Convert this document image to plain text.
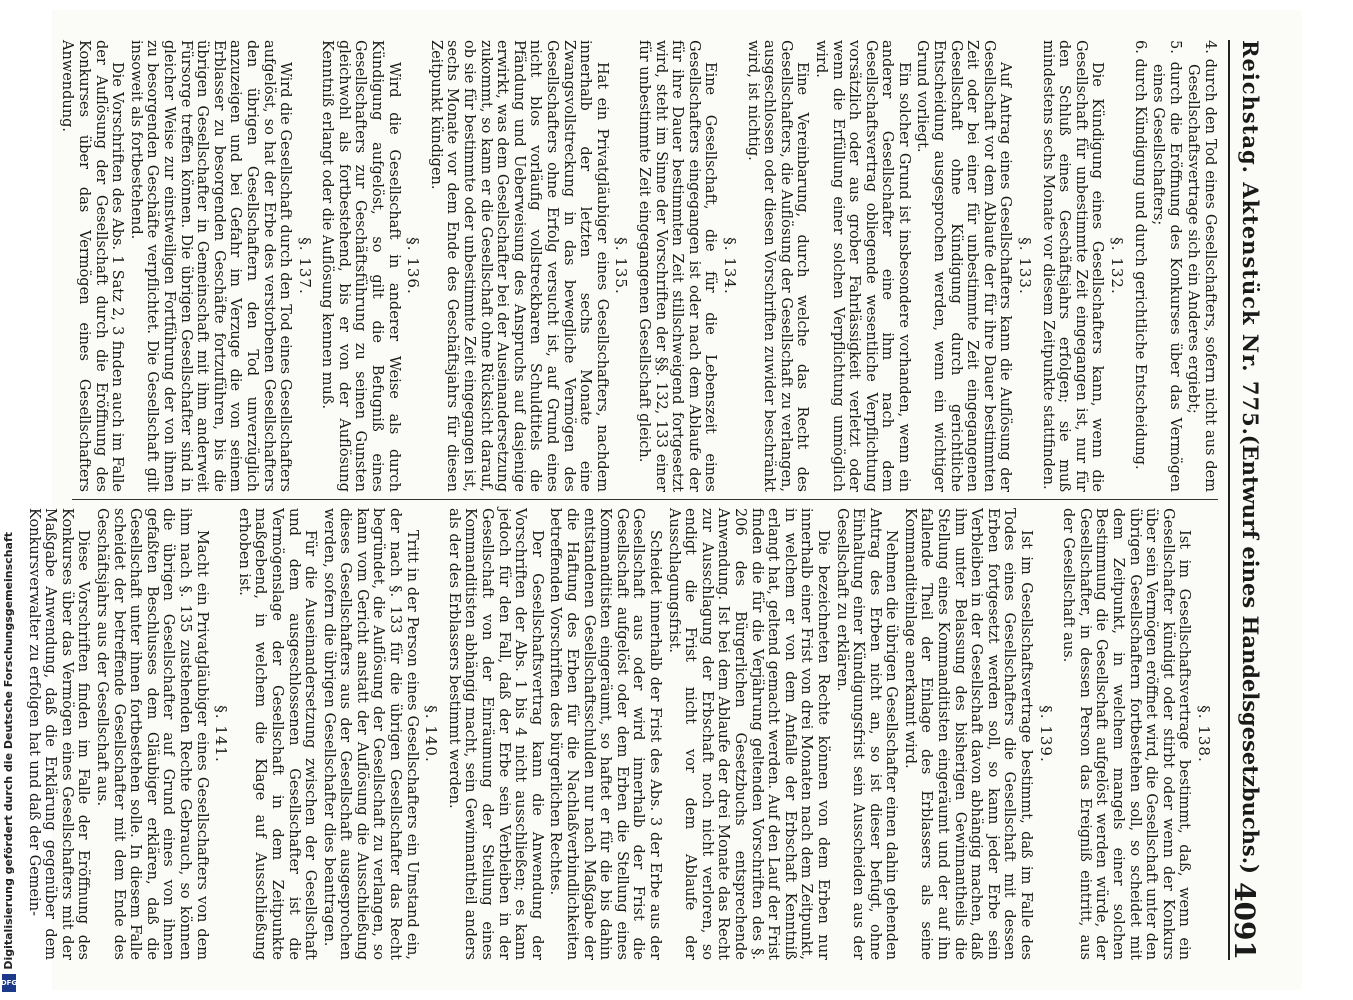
Reichstag. Aktenstück Nr. 775.
(Entwurf eines Handelsgesetzbuchs.)
4091
4. durch den Tod eines Gesellschafters, sofern nicht aus dem Gesellschaftsvertrage sich ein Anderes ergiebt;
5. durch die Eröffnung des Konkurses über das Vermögen eines Gesellschafters;
6. durch Kündigung und durch gerichtliche Entscheidung.
§. 132.

Die Kündigung eines Gesellschafters kann, wenn die Gesellschaft für unbestimmte Zeit eingegangen ist, nur für den Schluß eines Geschäftsjahrs erfolgen; sie muß mindestens sechs Monate vor diesem Zeitpunkte stattfinden.

§. 133.

Auf Antrag eines Gesellschafters kann die Auflösung der Gesellschaft vor dem Ablaufe der für ihre Dauer bestimmten Zeit oder bei einer für unbestimmte Zeit eingegangenen Gesellschaft ohne Kündigung durch gerichtliche Entscheidung ausgesprochen werden, wenn ein wichtiger Grund vorliegt.

Ein solcher Grund ist insbesondere vorhanden, wenn ein anderer Gesellschafter eine ihm nach dem Gesellschaftsvertrag obliegende wesentliche Verpflichtung vorsätzlich oder aus grober Fahrlässigkeit verletzt oder wenn die Erfüllung einer solchen Verpflichtung unmöglich wird.

Eine Vereinbarung, durch welche das Recht des Gesellschafters, die Auflösung der Gesellschaft zu verlangen, ausgeschlossen oder diesen Vorschriften zuwider beschränkt wird, ist nichtig.

§. 134.

Eine Gesellschaft, die für die Lebenszeit eines Gesellschafters eingegangen ist oder nach dem Ablaufe der für ihre Dauer bestimmten Zeit stillschweigend fortgesetzt wird, steht im Sinne der Vorschriften der §§. 132, 133 einer für unbestimmte Zeit eingegangenen Gesellschaft gleich.

§. 135.

Hat ein Privatgläubiger eines Gesellschafters, nachdem innerhalb der letzten sechs Monate eine Zwangsvollstreckung in das bewegliche Vermögen des Gesellschafters ohne Erfolg versucht ist, auf Grund eines nicht blos vorläufig vollstreckbaren Schuldtitels die Pfändung und Ueberweisung des Anspruchs auf dasjenige erwirkt, was dem Gesellschafter bei der Auseinandersetzung zukommt, so kann er die Gesellschaft ohne Rücksicht darauf, ob sie für bestimmte oder unbestimmte Zeit eingegangen ist, sechs Monate vor dem Ende des Geschäftsjahrs für diesen Zeitpunkt kündigen.

§. 136.

Wird die Gesellschaft in anderer Weise als durch Kündigung aufgelöst, so gilt die Befugniß eines Gesellschafters zur Geschäftsführung zu seinen Gunsten gleichwohl als fortbestehend, bis er von der Auflösung Kenntniß erlangt oder die Auflösung kennen muß.

§. 137.

Wird die Gesellschaft durch den Tod eines Gesellschafters aufgelöst, so hat der Erbe des verstorbenen Gesellschafters den übrigen Gesellschaftern den Tod unverzüglich anzuzeigen und bei Gefahr im Verzuge die von seinem Erblasser zu besorgenden Geschäfte fortzuführen, bis die übrigen Gesellschafter in Gemeinschaft mit ihm anderweit Fürsorge treffen können. Die übrigen Gesellschafter sind in gleicher Weise zur einstweiligen Fortführung der von ihnen zu besorgenden Geschäfte verpflichtet. Die Gesellschaft gilt insoweit als fortbestehend.

Die Vorschriften des Abs. 1 Satz 2, 3 finden auch im Falle der Auflösung der Gesellschaft durch die Eröffnung des Konkurses über das Vermögen eines Gesellschafters Anwendung.

§. 138.

Ist im Gesellschaftsvertrage bestimmt, daß, wenn ein Gesellschafter kündigt oder stirbt oder wenn der Konkurs über sein Vermögen eröffnet wird, die Gesellschaft unter den übrigen Gesellschaftern fortbestehen soll, so scheidet mit dem Zeitpunkt, in welchem mangels einer solchen Bestimmung die Gesellschaft aufgelöst werden würde, der Gesellschafter, in dessen Person das Ereigniß eintritt, aus der Gesellschaft aus.

§. 139.

Ist im Gesellschaftsvertrage bestimmt, daß im Falle des Todes eines Gesellschafters die Gesellschaft mit dessen Erben fortgesetzt werden soll, so kann jeder Erbe sein Verbleiben in der Gesellschaft davon abhängig machen, daß ihm unter Belassung des bisherigen Gewinnantheils die Stellung eines Kommanditisten eingeräumt und der auf ihn fallende Theil der Einlage des Erblassers als seine Kommanditeinlage anerkannt wird.

Nehmen die übrigen Gesellschafter einen dahin gehenden Antrag des Erben nicht an, so ist dieser befugt, ohne Einhaltung einer Kündigungsfrist sein Ausscheiden aus der Gesellschaft zu erklären.

Die bezeichneten Rechte können von dem Erben nur innerhalb einer Frist von drei Monaten nach dem Zeitpunkt, in welchem er von dem Anfalle der Erbschaft Kenntniß erlangt hat, geltend gemacht werden. Auf den Lauf der Frist finden die für die Verjährung geltenden Vorschriften des §. 206 des Bürgerlichen Gesetzbuchs entsprechende Anwendung. Ist bei dem Ablaufe der drei Monate das Recht zur Ausschlagung der Erbschaft noch nicht verloren, so endigt die Frist nicht vor dem Ablaufe der Ausschlagungsfrist.

Scheidet innerhalb der Frist des Abs. 3 der Erbe aus der Gesellschaft aus oder wird innerhalb der Frist die Gesellschaft aufgelöst oder dem Erben die Stellung eines Kommanditisten eingeräumt, so haftet er für die bis dahin entstandenen Gesellschaftsschulden nur nach Maßgabe der die Haftung des Erben für die Nachlaßverbindlichkeiten betreffenden Vorschriften des bürgerlichen Rechtes.

Der Gesellschaftsvertrag kann die Anwendung der Vorschriften der Abs. 1 bis 4 nicht ausschließen; es kann jedoch für den Fall, daß der Erbe sein Verbleiben in der Gesellschaft von der Einräumung der Stellung eines Kommanditisten abhängig macht, sein Gewinnantheil anders als der des Erblassers bestimmt werden.

§. 140.

Tritt in der Person eines Gesellschafters ein Umstand ein, der nach §. 133 für die übrigen Gesellschafter das Recht begründet, die Auflösung der Gesellschaft zu verlangen, so kann vom Gericht anstatt der Auflösung die Ausschließung dieses Gesellschafters aus der Gesellschaft ausgesprochen werden, sofern die übrigen Gesellschafter dies beantragen.

Für die Auseinandersetzung zwischen der Gesellschaft und dem ausgeschlossenen Gesellschafter ist die Vermögenslage der Gesellschaft in dem Zeitpunkte maßgebend, in welchem die Klage auf Ausschließung erhoben ist.

§. 141.

Macht ein Privatgläubiger eines Gesellschafters von dem ihm nach §. 135 zustehenden Rechte Gebrauch, so können die übrigen Gesellschafter auf Grund eines von ihnen gefaßten Beschlusses dem Gläubiger erklären, daß die Gesellschaft unter ihnen fortbestehen solle. In diesem Falle scheidet der betreffende Gesellschafter mit dem Ende des Geschäftsjahrs aus der Gesellschaft aus.

Diese Vorschriften finden im Falle der Eröffnung des Konkurses über das Vermögen eines Gesellschafters mit der Maßgabe Anwendung, daß die Erklärung gegenüber dem Konkursverwalter zu erfolgen hat und daß der Gemein-

Digitalisierung gefördert durch die Deutsche Forschungsgemeinschaft
DFG
